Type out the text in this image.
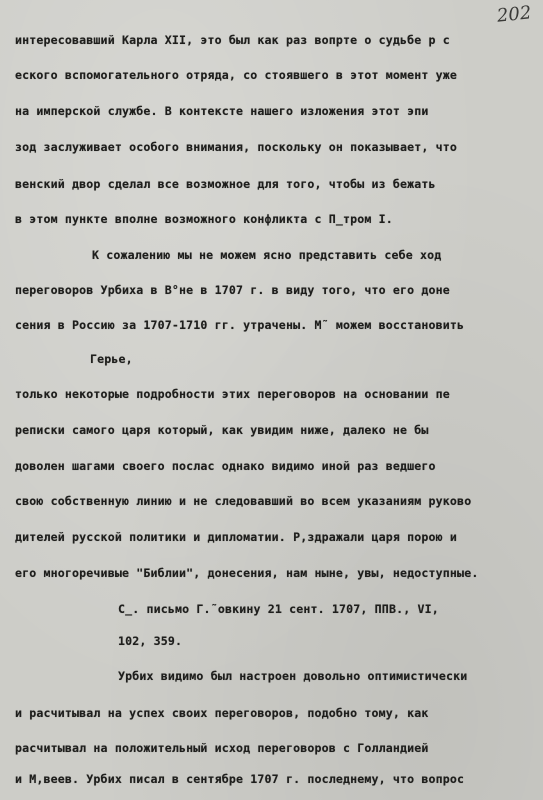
202
интересовавший Карла XII, это был как раз вопрте о судьбе р с
еского вспомогательного отряда, со стоявшего в этот момент уже
на имперской службе. В контексте нашего изложения этот эпи
зод заслуживает особого внимания, поскольку он показывает, что
венский двор сделал все возможное для того, чтобы из бежать
в этом пункте вполне возможного конфликта с П_тром I.
К сожалению мы не можем ясно представить себе ход
переговоров Урбиха в В°не в 1707 г. в виду того, что его доне
сения в Россию за 1707-1710 гг. утрачены. М˜ можем восстановить
Герье,
только некоторые подробности этих переговоров на основании пе
реписки самого царя который, как увидим ниже, далеко не бы
доволен шагами своего послас однако видимо иной раз ведшего
свою собственную линию и не следовавший во всем указаниям руково
дителей русской политики и дипломатии. Р,здражали царя порою и
его многоречивые "Библии", донесения, нам ныне, увы, недоступные.
С_. письмо Г.˜овкину 21 сент. 1707, ППВ., VI,
102, 359.
Урбих видимо был настроен довольно оптимистически
и расчитывал на успех своих переговоров, подобно тому, как
расчитывал на положительный исход переговоров с Голландией
и М,веев. Урбих писал в сентябре 1707 г. последнему, что вопрос
